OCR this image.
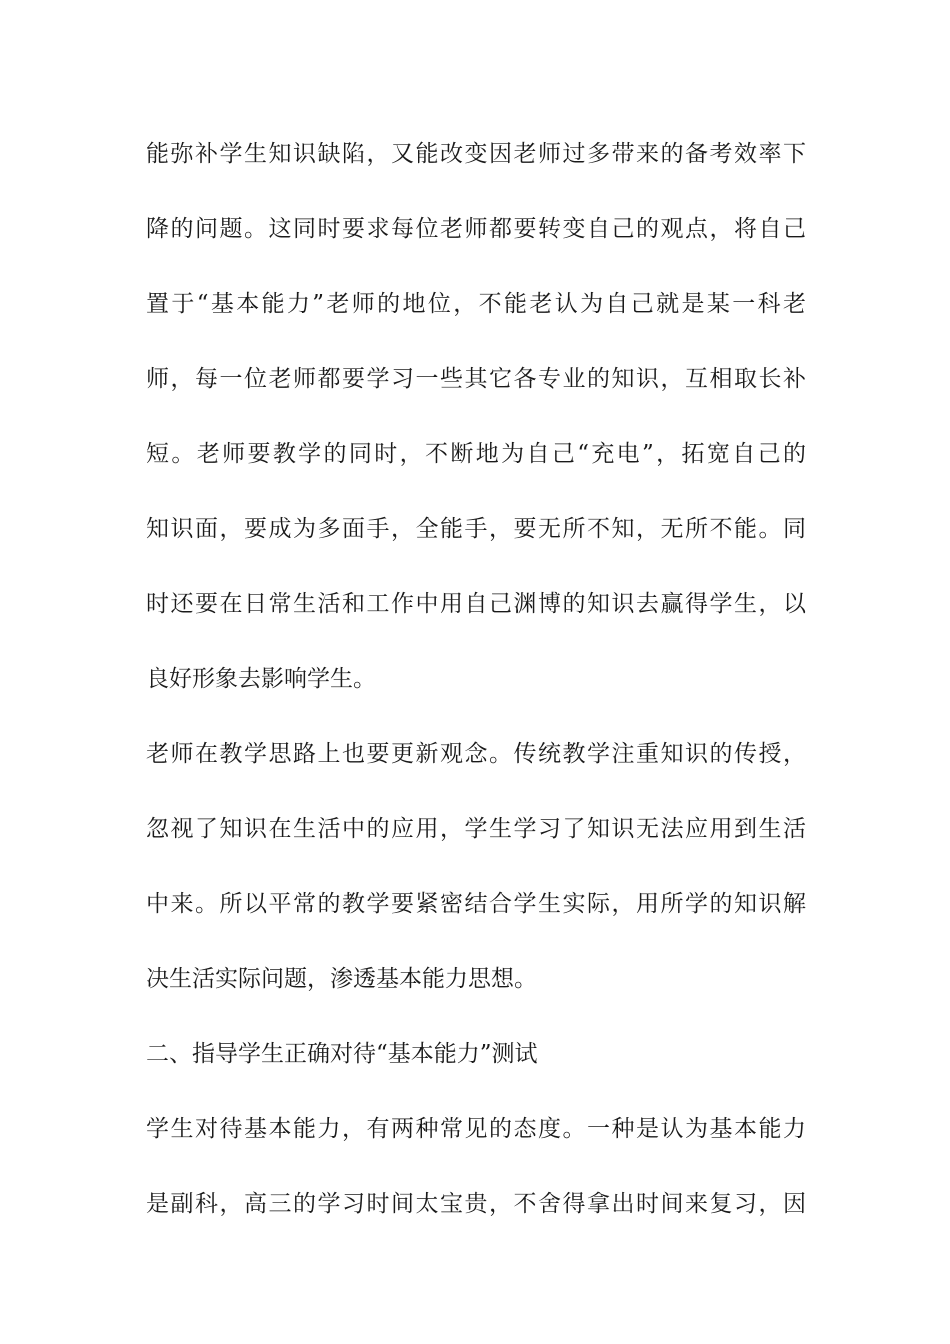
能弥补学生知识缺陷，又能改变因老师过多带来的备考效率下
降的问题。这同时要求每位老师都要转变自己的观点，将自己
置于“基本能力”老师的地位，不能老认为自己就是某一科老
师，每一位老师都要学习一些其它各专业的知识，互相取长补
短。老师要教学的同时，不断地为自己“充电”，拓宽自己的
知识面，要成为多面手，全能手，要无所不知，无所不能。同
时还要在日常生活和工作中用自己渊博的知识去赢得学生，以
良好形象去影响学生。
老师在教学思路上也要更新观念。传统教学注重知识的传授，
忽视了知识在生活中的应用，学生学习了知识无法应用到生活
中来。所以平常的教学要紧密结合学生实际，用所学的知识解
决生活实际问题，渗透基本能力思想。
二、指导学生正确对待“基本能力”测试
学生对待基本能力，有两种常见的态度。一种是认为基本能力
是副科，高三的学习时间太宝贵，不舍得拿出时间来复习，因
